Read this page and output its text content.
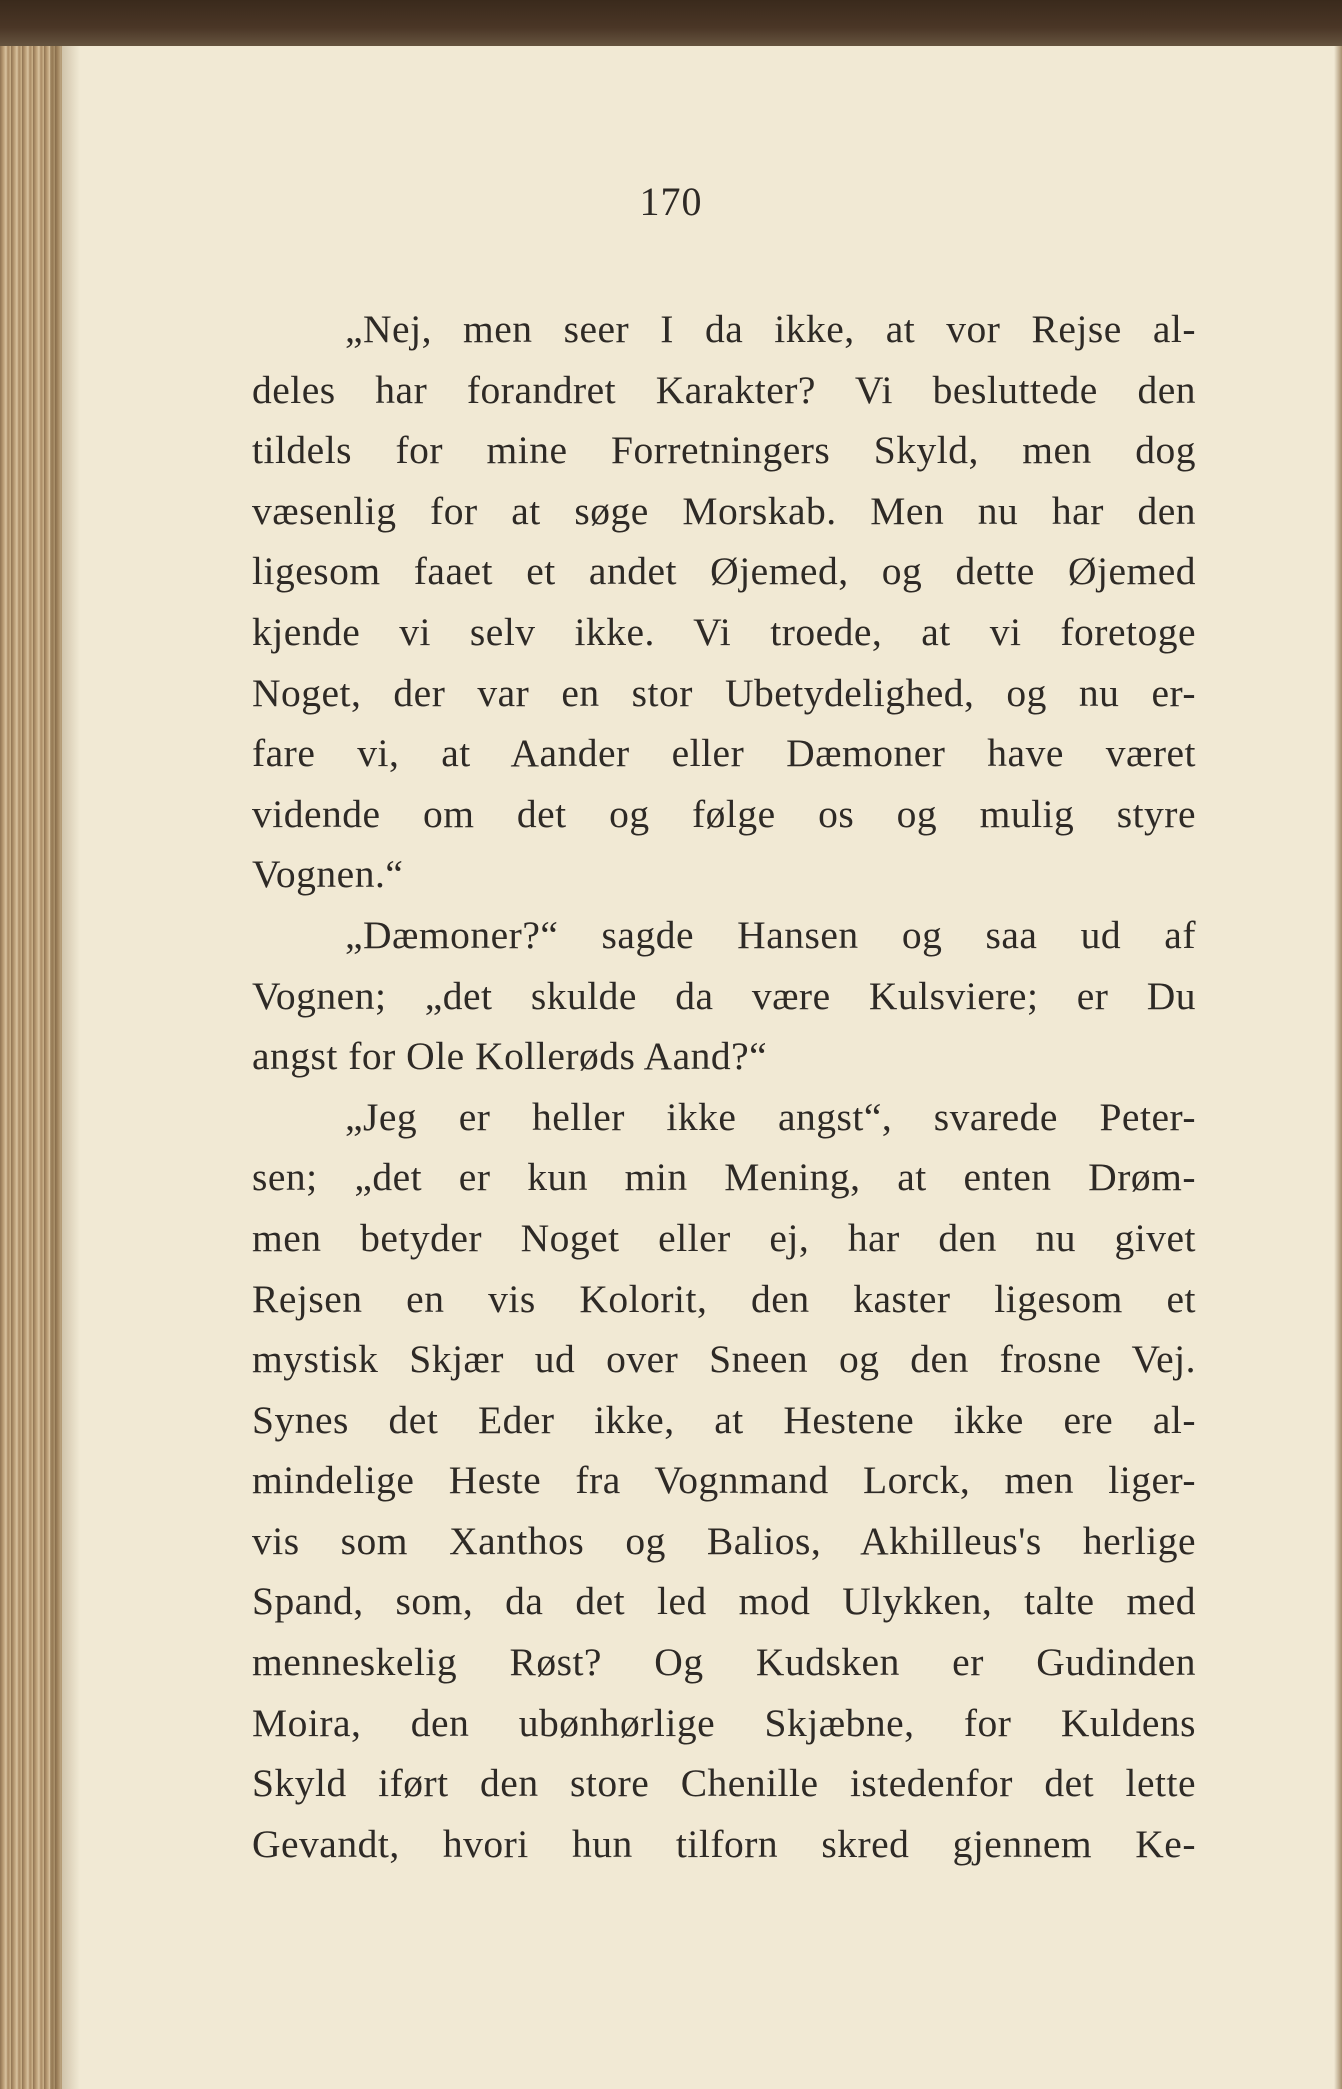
170
„Nej, men seer I da ikke, at vor Rejse al-
deles har forandret Karakter? Vi besluttede den
tildels for mine Forretningers Skyld, men dog
væsenlig for at søge Morskab. Men nu har den
ligesom faaet et andet Øjemed, og dette Øjemed
kjende vi selv ikke. Vi troede, at vi foretoge
Noget, der var en stor Ubetydelighed, og nu er-
fare vi, at Aander eller Dæmoner have været
vidende om det og følge os og mulig styre
Vognen.“
„Dæmoner?“ sagde Hansen og saa ud af
Vognen; „det skulde da være Kulsviere; er Du
angst for Ole Kollerøds Aand?“
„Jeg er heller ikke angst“, svarede Peter-
sen; „det er kun min Mening, at enten Drøm-
men betyder Noget eller ej, har den nu givet
Rejsen en vis Kolorit, den kaster ligesom et
mystisk Skjær ud over Sneen og den frosne Vej.
Synes det Eder ikke, at Hestene ikke ere al-
mindelige Heste fra Vognmand Lorck, men liger-
vis som Xanthos og Balios, Akhilleus's herlige
Spand, som, da det led mod Ulykken, talte med
menneskelig Røst? Og Kudsken er Gudinden
Moira, den ubønhørlige Skjæbne, for Kuldens
Skyld iført den store Chenille istedenfor det lette
Gevandt, hvori hun tilforn skred gjennem Ke-
